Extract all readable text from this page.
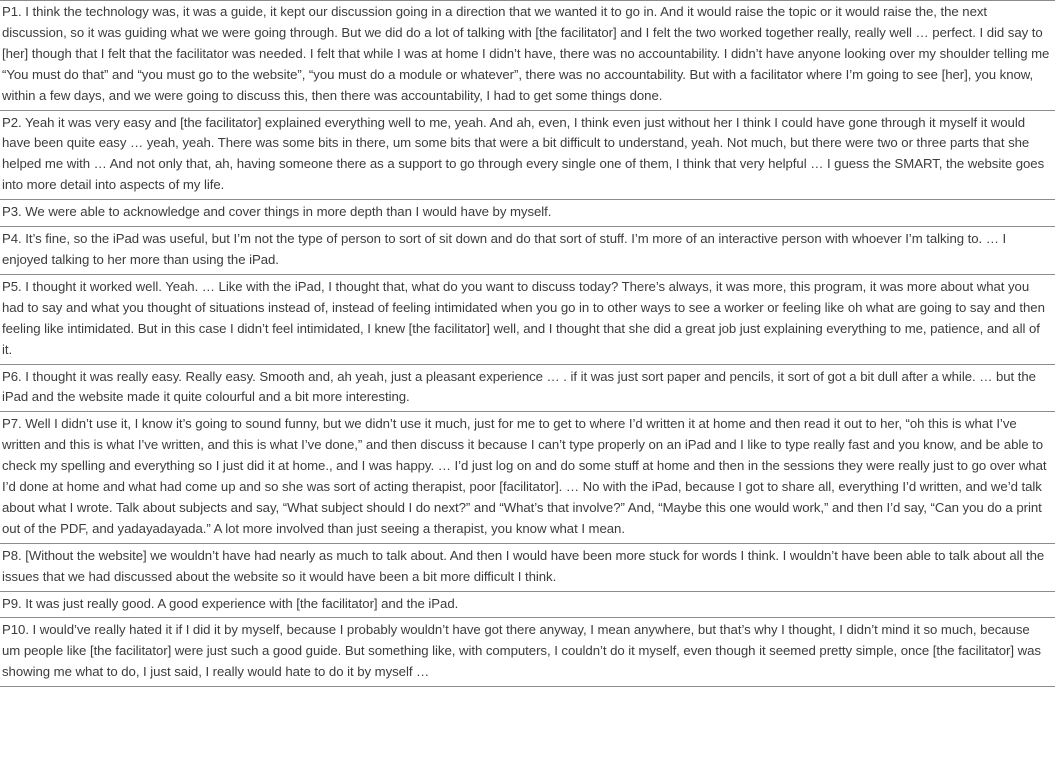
P1. I think the technology was, it was a guide, it kept our discussion going in a direction that we wanted it to go in. And it would raise the topic or it would raise the, the next discussion, so it was guiding what we were going through. But we did do a lot of talking with [the facilitator] and I felt the two worked together really, really well … perfect. I did say to [her] though that I felt that the facilitator was needed. I felt that while I was at home I didn’t have, there was no accountability. I didn’t have anyone looking over my shoulder telling me “You must do that” and “you must go to the website”, “you must do a module or whatever”, there was no accountability. But with a facilitator where I’m going to see [her], you know, within a few days, and we were going to discuss this, then there was accountability, I had to get some things done.
P2. Yeah it was very easy and [the facilitator] explained everything well to me, yeah. And ah, even, I think even just without her I think I could have gone through it myself it would have been quite easy … yeah, yeah. There was some bits in there, um some bits that were a bit difficult to understand, yeah. Not much, but there were two or three parts that she helped me with … And not only that, ah, having someone there as a support to go through every single one of them, I think that very helpful … I guess the SMART, the website goes into more detail into aspects of my life.
P3. We were able to acknowledge and cover things in more depth than I would have by myself.
P4. It’s fine, so the iPad was useful, but I’m not the type of person to sort of sit down and do that sort of stuff. I’m more of an interactive person with whoever I’m talking to. … I enjoyed talking to her more than using the iPad.
P5. I thought it worked well. Yeah. … Like with the iPad, I thought that, what do you want to discuss today? There’s always, it was more, this program, it was more about what you had to say and what you thought of situations instead of, instead of feeling intimidated when you go in to other ways to see a worker or feeling like oh what are going to say and then feeling like intimidated. But in this case I didn’t feel intimidated, I knew [the facilitator] well, and I thought that she did a great job just explaining everything to me, patience, and all of it.
P6. I thought it was really easy. Really easy. Smooth and, ah yeah, just a pleasant experience … . if it was just sort paper and pencils, it sort of got a bit dull after a while. … but the iPad and the website made it quite colourful and a bit more interesting.
P7. Well I didn’t use it, I know it’s going to sound funny, but we didn’t use it much, just for me to get to where I’d written it at home and then read it out to her, “oh this is what I’ve written and this is what I’ve written, and this is what I’ve done,” and then discuss it because I can’t type properly on an iPad and I like to type really fast and you know, and be able to check my spelling and everything so I just did it at home., and I was happy. … I’d just log on and do some stuff at home and then in the sessions they were really just to go over what I’d done at home and what had come up and so she was sort of acting therapist, poor [facilitator]. … No with the iPad, because I got to share all, everything I’d written, and we’d talk about what I wrote. Talk about subjects and say, “What subject should I do next?” and “What’s that involve?” And, “Maybe this one would work,” and then I’d say, “Can you do a print out of the PDF, and yadayadayada.” A lot more involved than just seeing a therapist, you know what I mean.
P8. [Without the website] we wouldn’t have had nearly as much to talk about. And then I would have been more stuck for words I think. I wouldn’t have been able to talk about all the issues that we had discussed about the website so it would have been a bit more difficult I think.
P9. It was just really good. A good experience with [the facilitator] and the iPad.
P10. I would’ve really hated it if I did it by myself, because I probably wouldn’t have got there anyway, I mean anywhere, but that’s why I thought, I didn’t mind it so much, because um people like [the facilitator] were just such a good guide. But something like, with computers, I couldn’t do it myself, even though it seemed pretty simple, once [the facilitator] was showing me what to do, I just said, I really would hate to do it by myself …
